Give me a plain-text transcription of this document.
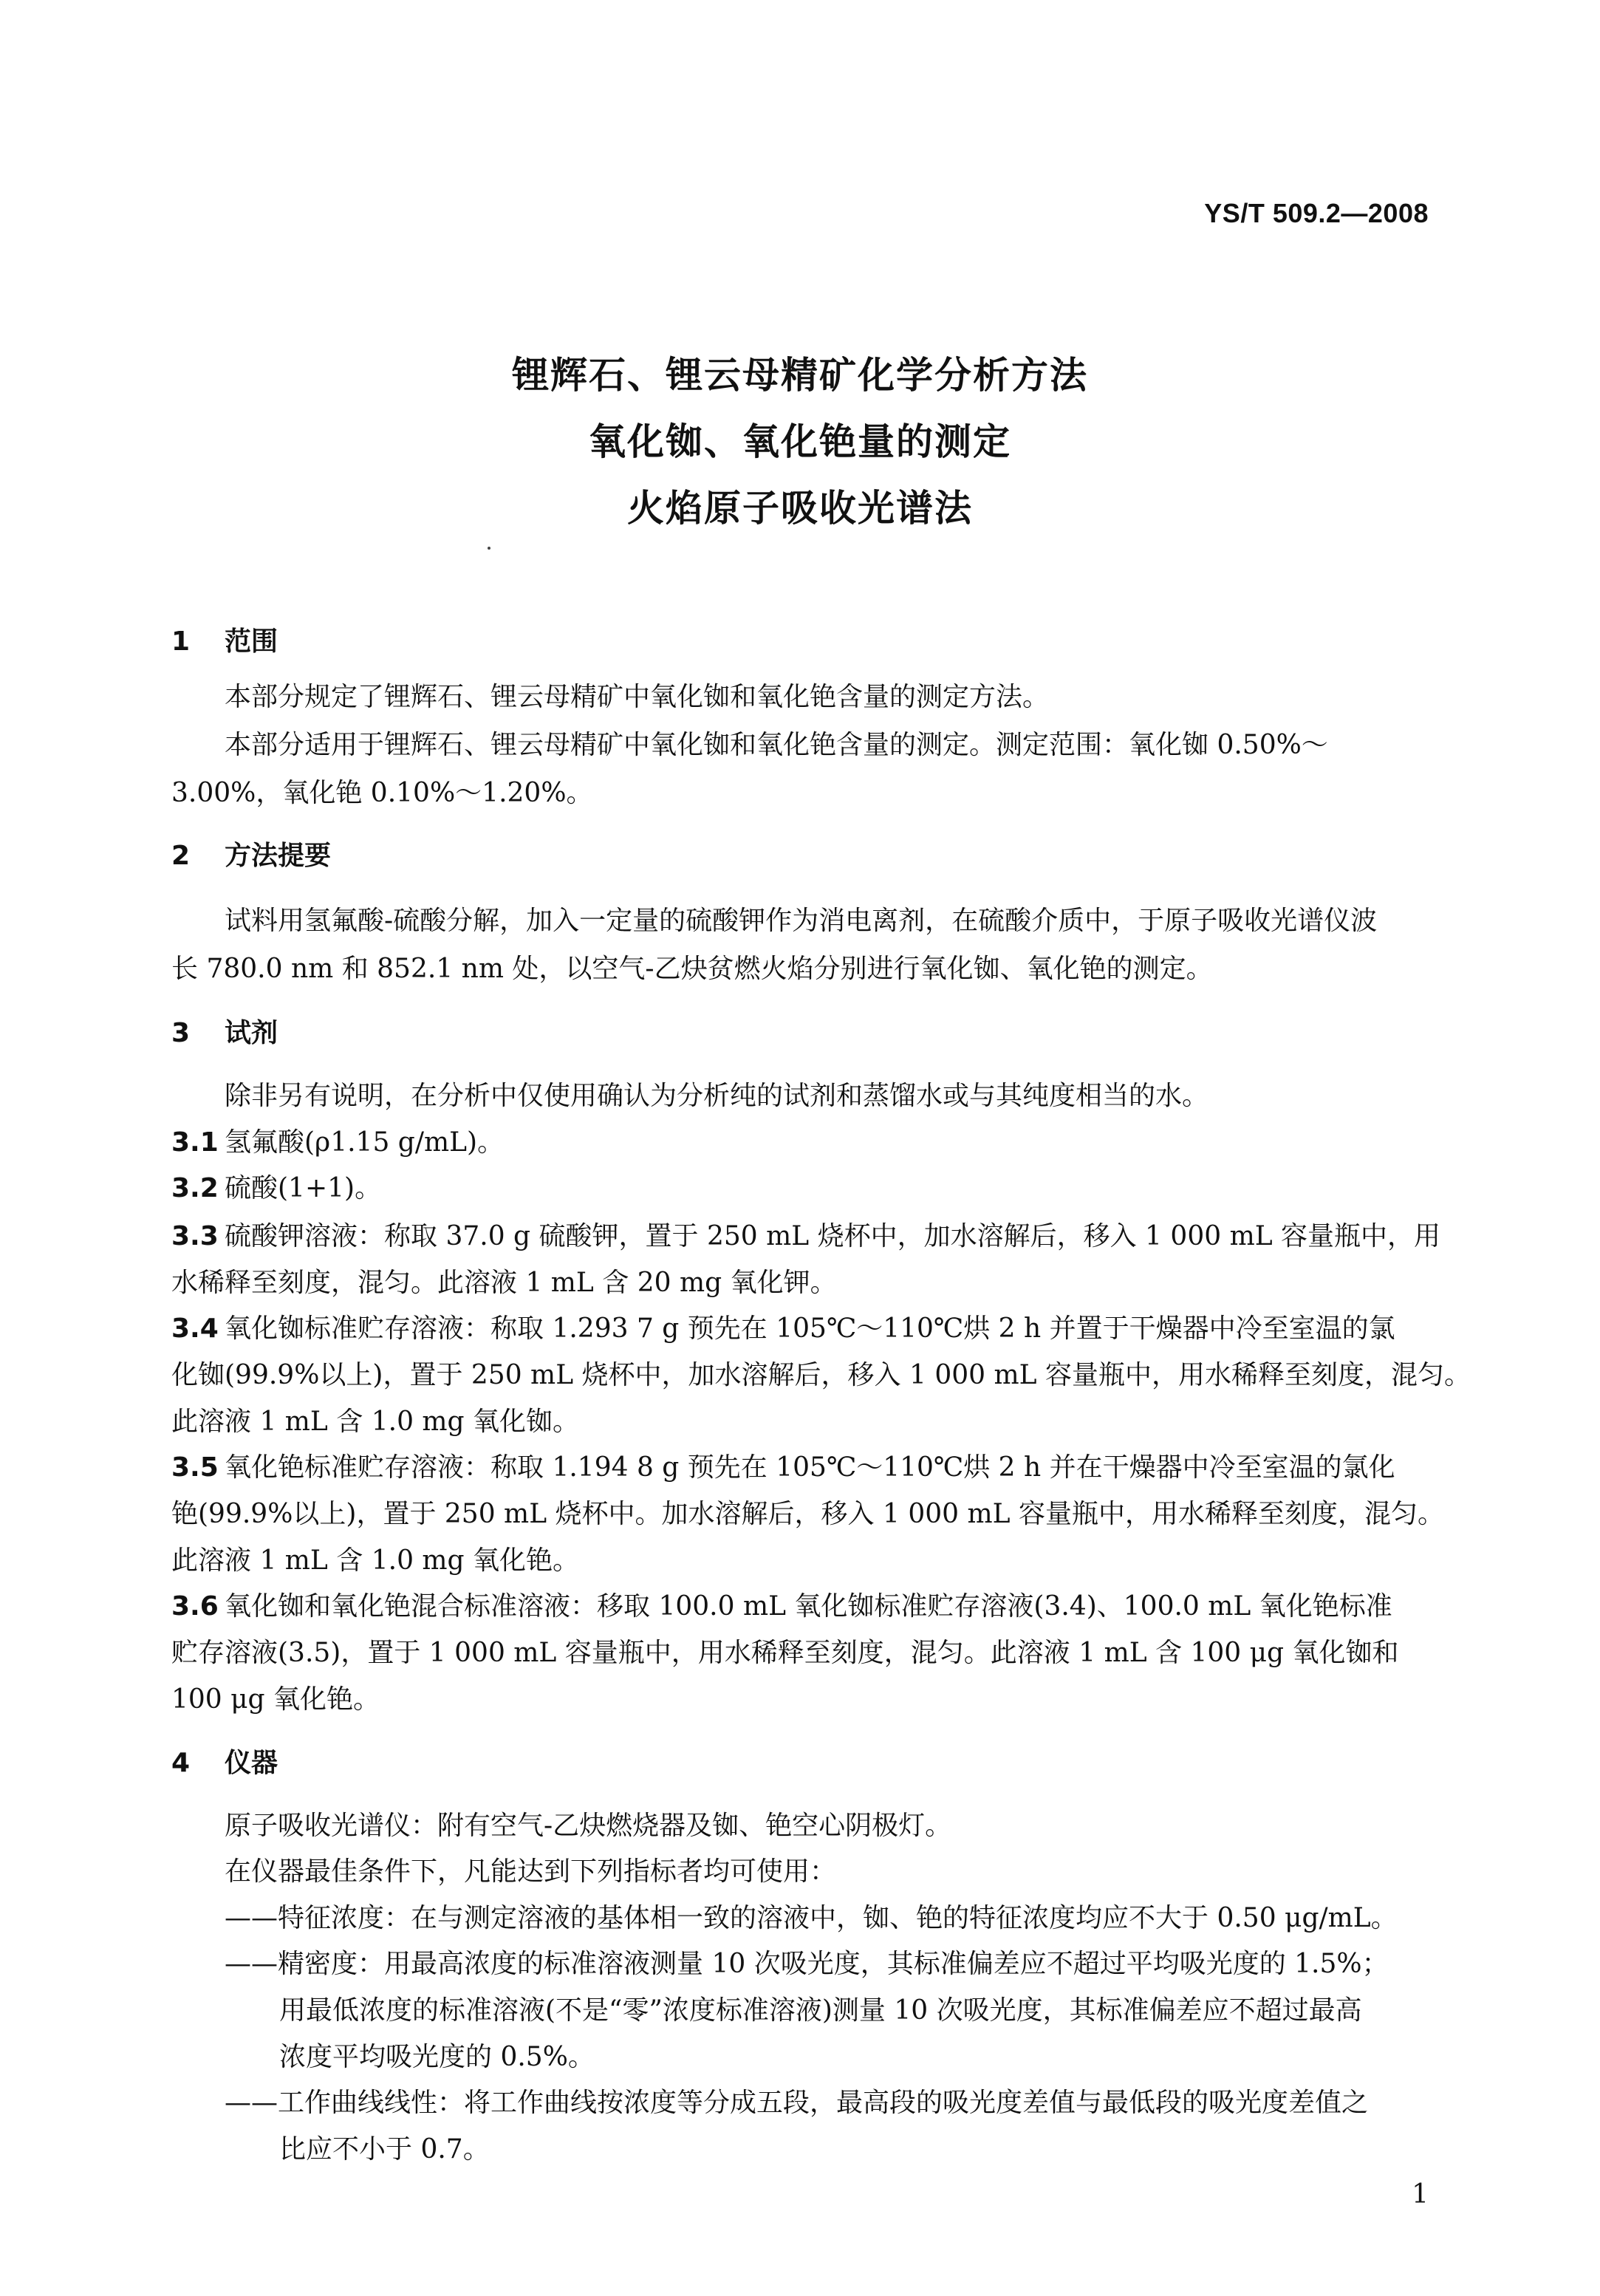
YS/T 509.2—2008
锂辉石、锂云母精矿化学分析方法
氧化铷、氧化铯量的测定
火焰原子吸收光谱法
1 范围
本部分规定了锂辉石、锂云母精矿中氧化铷和氧化铯含量的测定方法。
本部分适用于锂辉石、锂云母精矿中氧化铷和氧化铯含量的测定。测定范围：氧化铷 0.50%～
3.00%，氧化铯 0.10%～1.20%。
2 方法提要
试料用氢氟酸-硫酸分解，加入一定量的硫酸钾作为消电离剂，在硫酸介质中，于原子吸收光谱仪波
长 780.0 nm 和 852.1 nm 处，以空气-乙炔贫燃火焰分别进行氧化铷、氧化铯的测定。
3 试剂
除非另有说明，在分析中仅使用确认为分析纯的试剂和蒸馏水或与其纯度相当的水。
3.1 氢氟酸(ρ1.15 g/mL)。
3.2 硫酸(1+1)。
3.3 硫酸钾溶液：称取 37.0 g 硫酸钾，置于 250 mL 烧杯中，加水溶解后，移入 1 000 mL 容量瓶中，用
水稀释至刻度，混匀。此溶液 1 mL 含 20 mg 氧化钾。
3.4 氧化铷标准贮存溶液：称取 1.293 7 g 预先在 105℃～110℃烘 2 h 并置于干燥器中冷至室温的氯
化铷(99.9%以上)，置于 250 mL 烧杯中，加水溶解后，移入 1 000 mL 容量瓶中，用水稀释至刻度，混匀。
此溶液 1 mL 含 1.0 mg 氧化铷。
3.5 氧化铯标准贮存溶液：称取 1.194 8 g 预先在 105℃～110℃烘 2 h 并在干燥器中冷至室温的氯化
铯(99.9%以上)，置于 250 mL 烧杯中。加水溶解后，移入 1 000 mL 容量瓶中，用水稀释至刻度，混匀。
此溶液 1 mL 含 1.0 mg 氧化铯。
3.6 氧化铷和氧化铯混合标准溶液：移取 100.0 mL 氧化铷标准贮存溶液(3.4)、100.0 mL 氧化铯标准
贮存溶液(3.5)，置于 1 000 mL 容量瓶中，用水稀释至刻度，混匀。此溶液 1 mL 含 100 μg 氧化铷和
100 μg 氧化铯。
4 仪器
原子吸收光谱仪：附有空气-乙炔燃烧器及铷、铯空心阴极灯。
在仪器最佳条件下，凡能达到下列指标者均可使用：
——特征浓度：在与测定溶液的基体相一致的溶液中，铷、铯的特征浓度均应不大于 0.50 μg/mL。
——精密度：用最高浓度的标准溶液测量 10 次吸光度，其标准偏差应不超过平均吸光度的 1.5%；
用最低浓度的标准溶液(不是“零”浓度标准溶液)测量 10 次吸光度，其标准偏差应不超过最高
浓度平均吸光度的 0.5%。
——工作曲线线性：将工作曲线按浓度等分成五段，最高段的吸光度差值与最低段的吸光度差值之
比应不小于 0.7。
1
